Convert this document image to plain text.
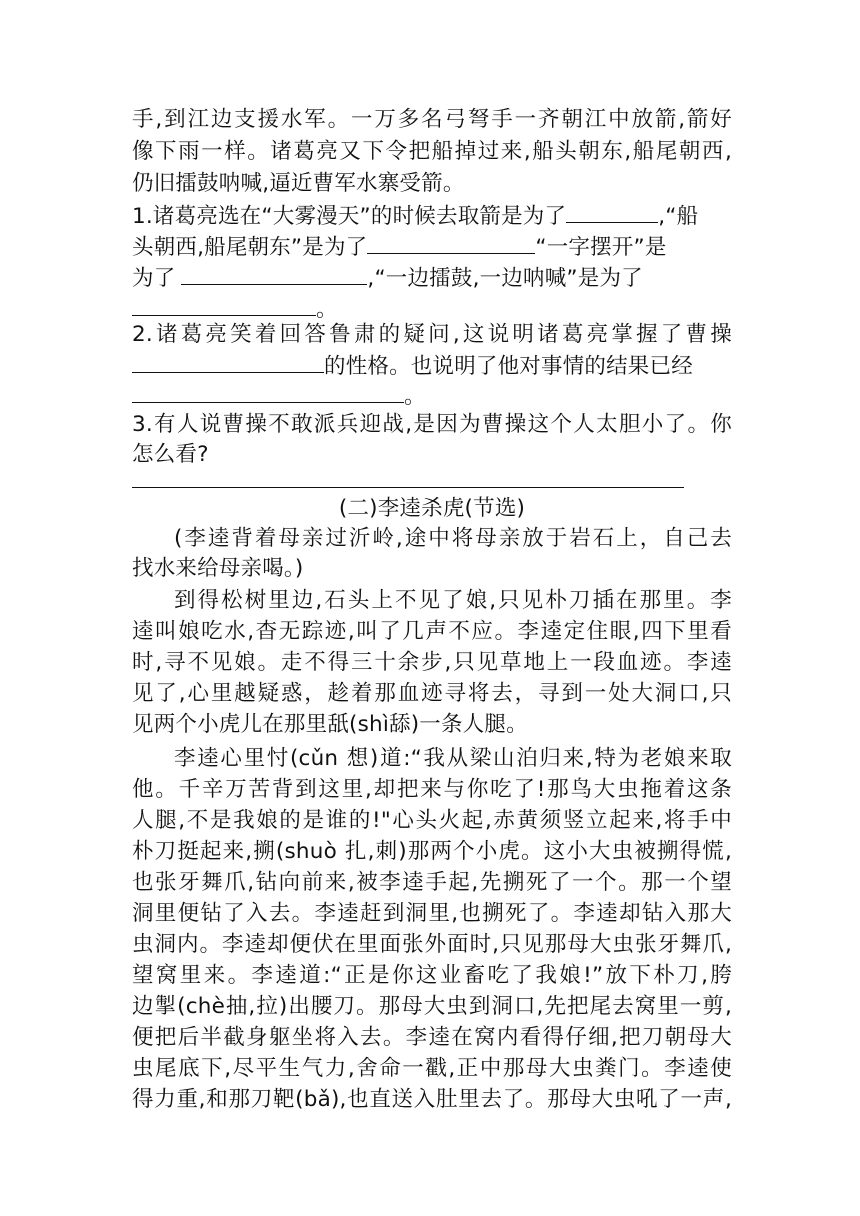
手,到江边支援水军。一万多名弓弩手一齐朝江中放箭,箭好
像下雨一样。诸葛亮又下令把船掉过来,船头朝东,船尾朝西,
仍旧擂鼓呐喊,逼近曹军水寨受箭。
1.诸葛亮选在“大雾漫天”的时候去取箭是为了	,“船
头朝西,船尾朝东”是为了	“一字摆开”是
为了	,“一边擂鼓,一边呐喊”是为了
。
2.诸葛亮笑着回答鲁肃的疑问,这说明诸葛亮掌握了曹操
的性格。也说明了他对事情的结果已经
。
3.有人说曹操不敢派兵迎战,是因为曹操这个人太胆小了。你
怎么看?
(二)李逵杀虎(节选)
(李逵背着母亲过沂岭,途中将母亲放于岩石上，自己去
找水来给母亲喝。)
到得松树里边,石头上不见了娘,只见朴刀插在那里。李
逵叫娘吃水,杳无踪迹,叫了几声不应。李逵定住眼,四下里看
时,寻不见娘。走不得三十余步,只见草地上一段血迹。李逵
见了,心里越疑惑，趁着那血迹寻将去，寻到一处大洞口,只
见两个小虎儿在那里舐(shì舔)一条人腿。
李逵心里忖(cǔn 想)道:“我从梁山泊归来,特为老娘来取
他。千辛万苦背到这里,却把来与你吃了!那鸟大虫拖着这条
人腿,不是我娘的是谁的!"心头火起,赤黄须竖立起来,将手中
朴刀挺起来,搠(shuò 扎,刺)那两个小虎。这小大虫被搠得慌,
也张牙舞爪,钻向前来,被李逵手起,先搠死了一个。那一个望
洞里便钻了入去。李逵赶到洞里,也搠死了。李逵却钻入那大
虫洞内。李逵却便伏在里面张外面时,只见那母大虫张牙舞爪,
望窝里来。李逵道:“正是你这业畜吃了我娘!”放下朴刀,胯
边掣(chè抽,拉)出腰刀。那母大虫到洞口,先把尾去窝里一剪,
便把后半截身躯坐将入去。李逵在窝内看得仔细,把刀朝母大
虫尾底下,尽平生气力,舍命一戳,正中那母大虫粪门。李逵使
得力重,和那刀靶(bǎ),也直送入肚里去了。那母大虫吼了一声,
